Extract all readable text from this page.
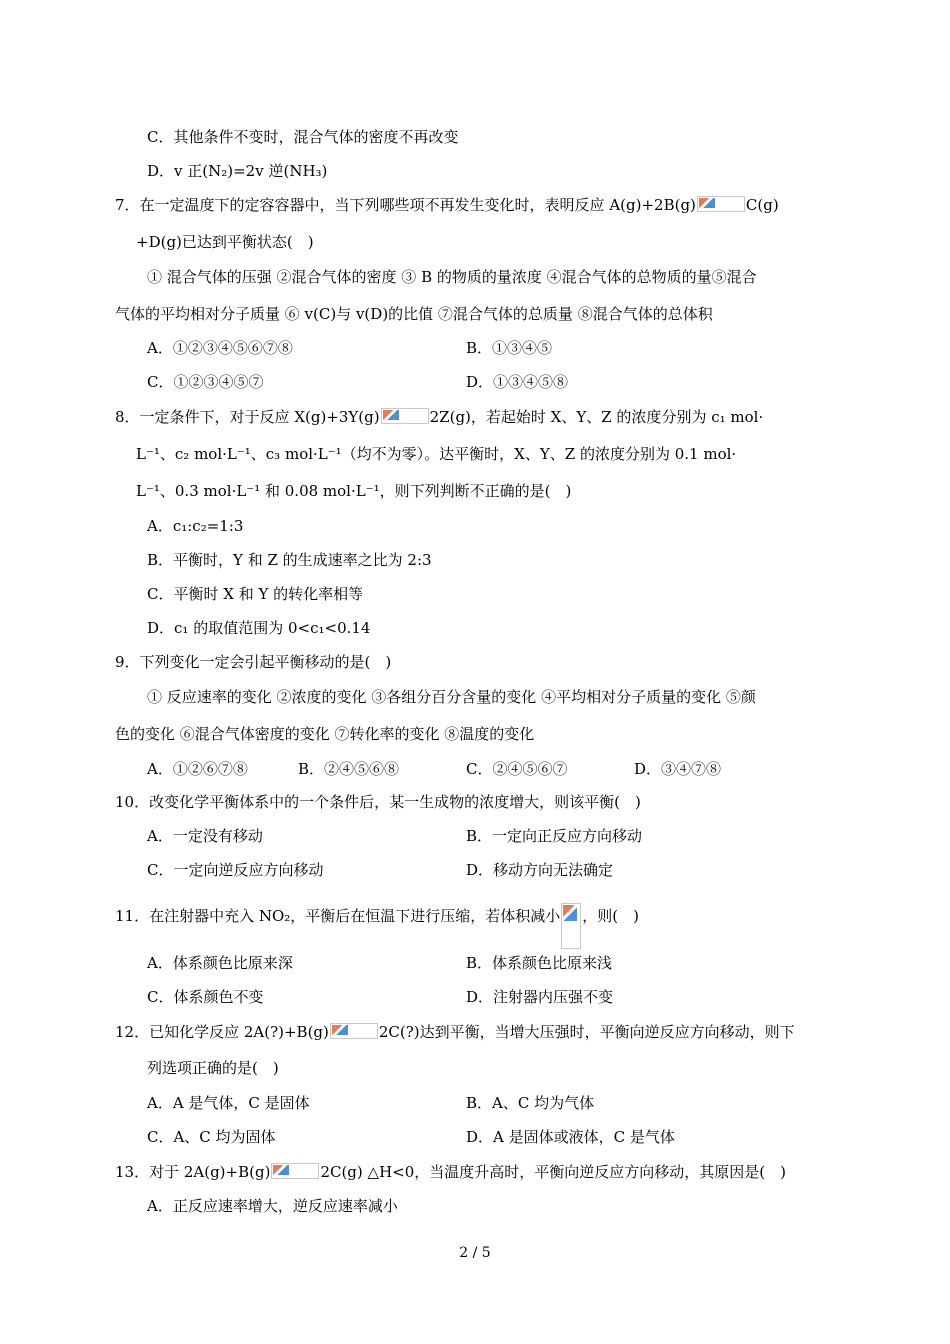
C．其他条件不变时，混合气体的密度不再改变
D．v 正(N₂)=2v 逆(NH₃)
7．在一定温度下的定容容器中，当下列哪些项不再发生变化时，表明反应 A(g)+2B(g)	C(g)
+D(g)已达到平衡状态(　)
① 混合气体的压强 ②混合气体的密度 ③ B 的物质的量浓度 ④混合气体的总物质的量⑤混合
气体的平均相对分子质量 ⑥ v(C)与 v(D)的比值 ⑦混合气体的总质量 ⑧混合气体的总体积
A．①②③④⑤⑥⑦⑧	B．①③④⑤
C．①②③④⑤⑦	D．①③④⑤⑧
8．一定条件下，对于反应 X(g)+3Y(g)	2Z(g)，若起始时 X、Y、Z 的浓度分别为 c₁ mol·
L⁻¹、c₂ mol·L⁻¹、c₃ mol·L⁻¹（均不为零）。达平衡时，X、Y、Z 的浓度分别为 0.1 mol·
L⁻¹、0.3 mol·L⁻¹ 和 0.08 mol·L⁻¹，则下列判断不正确的是(　)
A．c₁:c₂=1:3
B．平衡时，Y 和 Z 的生成速率之比为 2:3
C．平衡时 X 和 Y 的转化率相等
D．c₁ 的取值范围为 0<c₁<0.14
9．下列变化一定会引起平衡移动的是(　)
① 反应速率的变化 ②浓度的变化 ③各组分百分含量的变化 ④平均相对分子质量的变化 ⑤颜
色的变化 ⑥混合气体密度的变化 ⑦转化率的变化 ⑧温度的变化
A．①②⑥⑦⑧	B．②④⑤⑥⑧	C．②④⑤⑥⑦	D．③④⑦⑧
10．改变化学平衡体系中的一个条件后，某一生成物的浓度增大，则该平衡(　)
A．一定没有移动	B．一定向正反应方向移动
C．一定向逆反应方向移动	D．移动方向无法确定
11．在注射器中充入 NO₂，平衡后在恒温下进行压缩，若体积减小 ，则(　)
A．体系颜色比原来深	B．体系颜色比原来浅
C．体系颜色不变	D．注射器内压强不变
12．已知化学反应 2A(?)+B(g)	2C(?)达到平衡，当增大压强时，平衡向逆反应方向移动，则下
列选项正确的是(　)
A．A 是气体，C 是固体	B．A、C 均为气体
C．A、C 均为固体	D．A 是固体或液体，C 是气体
13．对于 2A(g)+B(g)	2C(g) △H<0，当温度升高时，平衡向逆反应方向移动，其原因是(　)
A．正反应速率增大，逆反应速率减小
2 / 5
